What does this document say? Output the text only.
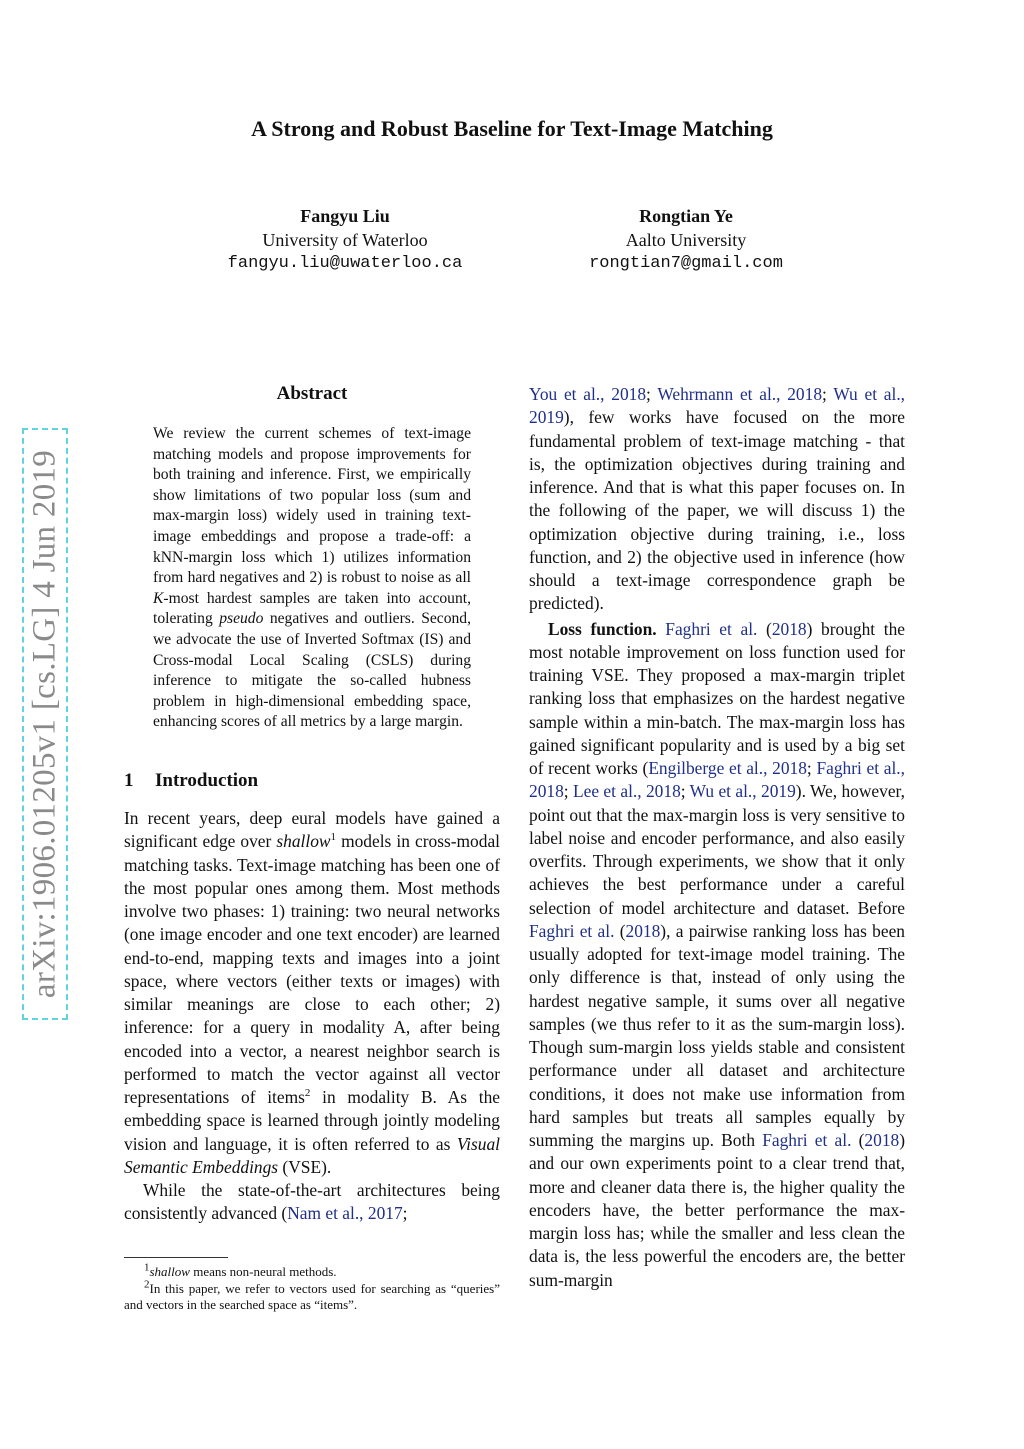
A Strong and Robust Baseline for Text-Image Matching
Fangyu Liu
University of Waterloo
fangyu.liu@uwaterloo.ca
Rongtian Ye
Aalto University
rongtian7@gmail.com
arXiv:1906.01205v1 [cs.LG] 4 Jun 2019
Abstract
We review the current schemes of text-image matching models and propose improvements for both training and inference. First, we empirically show limitations of two popular loss (sum and max-margin loss) widely used in training text-image embeddings and propose a trade-off: a kNN-margin loss which 1) utilizes information from hard negatives and 2) is robust to noise as all K-most hardest samples are taken into account, tolerating pseudo negatives and outliers. Second, we advocate the use of Inverted Softmax (IS) and Cross-modal Local Scaling (CSLS) during inference to mitigate the so-called hubness problem in high-dimensional embedding space, enhancing scores of all metrics by a large margin.
1 Introduction

In recent years, deep eural models have gained a significant edge over shallow$^1$ models in cross-modal matching tasks. Text-image matching has been one of the most popular ones among them. Most methods involve two phases: 1) training: two neural networks (one image encoder and one text encoder) are learned end-to-end, mapping texts and images into a joint space, where vectors (either texts or images) with similar meanings are close to each other; 2) inference: for a query in modality A, after being encoded into a vector, a nearest neighbor search is performed to match the vector against all vector representations of items$^2$ in modality B. As the embedding space is learned through jointly modeling vision and language, it is often referred to as Visual Semantic Embeddings (VSE).

While the state-of-the-art architectures being consistently advanced (Nam et al., 2017;

$^1$shallow means non-neural methods.

$^2$In this paper, we refer to vectors used for searching as “queries” and vectors in the searched space as “items”.

You et al., 2018; Wehrmann et al., 2018; Wu et al., 2019), few works have focused on the more fundamental problem of text-image matching - that is, the optimization objectives during training and inference. And that is what this paper focuses on. In the following of the paper, we will discuss 1) the optimization objective during training, i.e., loss function, and 2) the objective used in inference (how should a text-image correspondence graph be predicted).

Loss function. Faghri et al. (2018) brought the most notable improvement on loss function used for training VSE. They proposed a max-margin triplet ranking loss that emphasizes on the hardest negative sample within a min-batch. The max-margin loss has gained significant popularity and is used by a big set of recent works (Engilberge et al., 2018; Faghri et al., 2018; Lee et al., 2018; Wu et al., 2019). We, however, point out that the max-margin loss is very sensitive to label noise and encoder performance, and also easily overfits. Through experiments, we show that it only achieves the best performance under a careful selection of model architecture and dataset. Before Faghri et al. (2018), a pairwise ranking loss has been usually adopted for text-image model training. The only difference is that, instead of only using the hardest negative sample, it sums over all negative samples (we thus refer to it as the sum-margin loss). Though sum-margin loss yields stable and consistent performance under all dataset and architecture conditions, it does not make use information from hard samples but treats all samples equally by summing the margins up. Both Faghri et al. (2018) and our own experiments point to a clear trend that, more and cleaner data there is, the higher quality the encoders have, the better performance the max-margin loss has; while the smaller and less clean the data is, the less powerful the encoders are, the better sum-margin
